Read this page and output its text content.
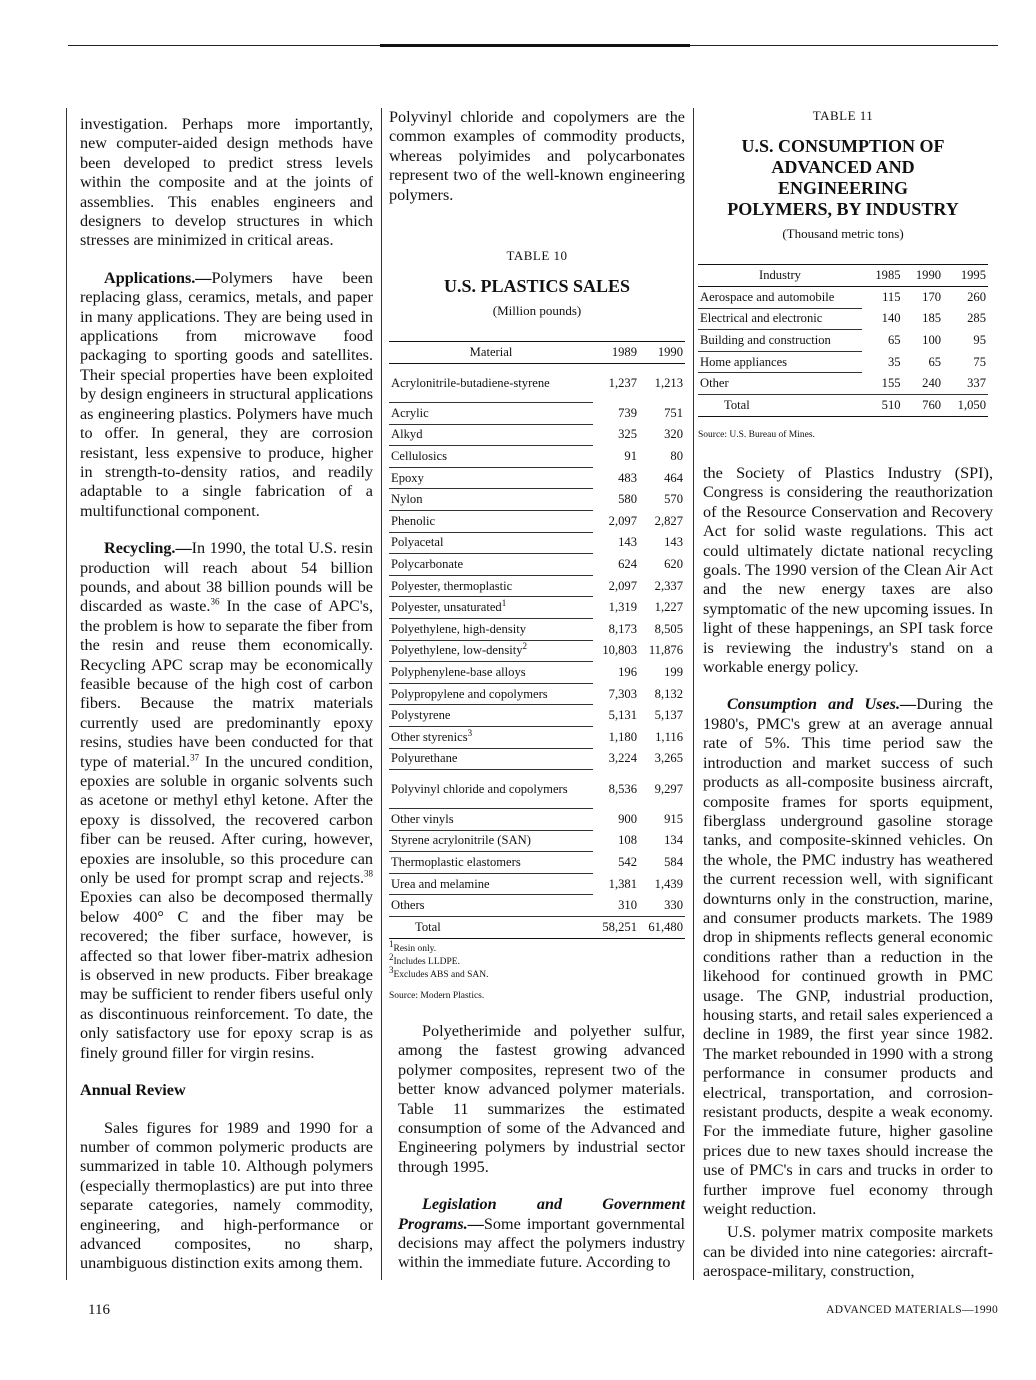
investigation. Perhaps more importantly, new computer-aided design methods have been developed to predict stress levels within the composite and at the joints of assemblies. This enables engineers and designers to develop structures in which stresses are minimized in critical areas.

Applications.—Polymers have been replacing glass, ceramics, metals, and paper in many applications. They are being used in applications from microwave food packaging to sporting goods and satellites. Their special properties have been exploited by design engineers in structural applications as engineering plastics. Polymers have much to offer. In general, they are corrosion resistant, less expensive to produce, higher in strength-to-density ratios, and readily adaptable to a single fabrication of a multifunctional component.

Recycling.—In 1990, the total U.S. resin production will reach about 54 billion pounds, and about 38 billion pounds will be discarded as waste.$^{36}$ In the case of APC's, the problem is how to separate the fiber from the resin and reuse them economically. Recycling APC scrap may be economically feasible because of the high cost of carbon fibers. Because the matrix materials currently used are predominantly epoxy resins, studies have been conducted for that type of material.$^{37}$ In the uncured condition, epoxies are soluble in organic solvents such as acetone or methyl ethyl ketone. After the epoxy is dissolved, the recovered carbon fiber can be reused. After curing, however, epoxies are insoluble, so this procedure can only be used for prompt scrap and rejects.$^{38}$ Epoxies can also be decomposed thermally below 400° C and the fiber may be recovered; the fiber surface, however, is affected so that lower fiber-matrix adhesion is observed in new products. Fiber breakage may be sufficient to render fibers useful only as discontinuous reinforcement. To date, the only satisfactory use for epoxy scrap is as finely ground filler for virgin resins.

Annual Review

Sales figures for 1989 and 1990 for a number of common polymeric products are summarized in table 10. Although polymers (especially thermoplastics) are put into three separate categories, namely commodity, engineering, and high-performance or advanced composites, no sharp, unambiguous distinction exits among them.

Polyvinyl chloride and copolymers are the common examples of commodity products, whereas polyimides and polycarbonates represent two of the well-known engineering polymers.

TABLE 10
U.S. PLASTICS SALES
(Million pounds)
Material	1989	1990
Acrylonitrile-butadiene-styrene	1,237	1,213
Acrylic	739	751
Alkyd	325	320
Cellulosics	91	80
Epoxy	483	464
Nylon	580	570
Phenolic	2,097	2,827
Polyacetal	143	143
Polycarbonate	624	620
Polyester, thermoplastic	2,097	2,337
Polyester, unsaturated$^1$	1,319	1,227
Polyethylene, high-density	8,173	8,505
Polyethylene, low-density$^2$	10,803	11,876
Polyphenylene-base alloys	196	199
Polypropylene and copolymers	7,303	8,132
Polystyrene	5,131	5,137
Other styrenics$^3$	1,180	1,116
Polyurethane	3,224	3,265
Polyvinyl chloride and copolymers	8,536	9,297
Other vinyls	900	915
Styrene acrylonitrile (SAN)	108	134
Thermoplastic elastomers	542	584
Urea and melamine	1,381	1,439
Others	310	330
Total	58,251	61,480

$^1$Resin only.

$^2$Includes LLDPE.

$^3$Excludes ABS and SAN.

Source: Modern Plastics.

Polyetherimide and polyether sulfur, among the fastest growing advanced polymer composites, represent two of the better know advanced polymer materials. Table 11 summarizes the estimated consumption of some of the Advanced and Engineering polymers by industrial sector through 1995.

Legislation and Government Programs.—Some important governmental decisions may affect the polymers industry within the immediate future. According to

TABLE 11
U.S. CONSUMPTION OF ADVANCED AND ENGINEERING POLYMERS, BY INDUSTRY
(Thousand metric tons)
Industry	1985	1990	1995
Aerospace and automobile	115	170	260
Electrical and electronic	140	185	285
Building and construction	65	100	95
Home appliances	35	65	75
Other	155	240	337
Total	510	760	1,050
Source: U.S. Bureau of Mines.

the Society of Plastics Industry (SPI), Congress is considering the reauthorization of the Resource Conservation and Recovery Act for solid waste regulations. This act could ultimately dictate national recycling goals. The 1990 version of the Clean Air Act and the new energy taxes are also symptomatic of the new upcoming issues. In light of these happenings, an SPI task force is reviewing the industry's stand on a workable energy policy.

Consumption and Uses.—During the 1980's, PMC's grew at an average annual rate of 5%. This time period saw the introduction and market success of such products as all-composite business aircraft, composite frames for sports equipment, fiberglass underground gasoline storage tanks, and composite-skinned vehicles. On the whole, the PMC industry has weathered the current recession well, with significant downturns only in the construction, marine, and consumer products markets. The 1989 drop in shipments reflects general economic conditions rather than a reduction in the likehood for continued growth in PMC usage. The GNP, industrial production, housing starts, and retail sales experienced a decline in 1989, the first year since 1982. The market rebounded in 1990 with a strong performance in consumer products and electrical, transportation, and corrosion-resistant products, despite a weak economy. For the immediate future, higher gasoline prices due to new taxes should increase the use of PMC's in cars and trucks in order to further improve fuel economy through weight reduction.

U.S. polymer matrix composite markets can be divided into nine categories: aircraft-aerospace-military, construction,

116	ADVANCED MATERIALS—1990
